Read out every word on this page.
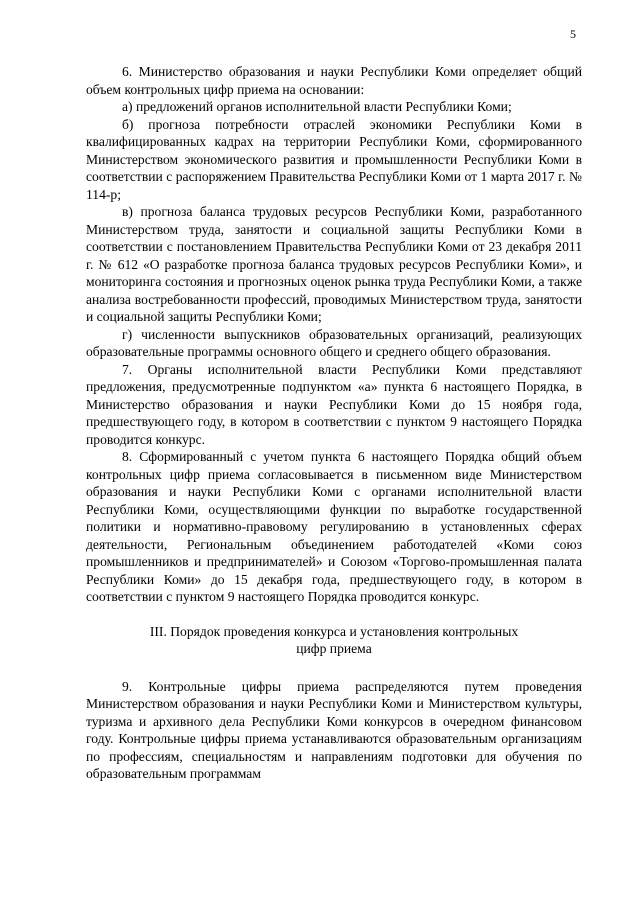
5

6. Министерство образования и науки Республики Коми определяет общий объем контрольных цифр приема на основании:

а) предложений органов исполнительной власти Республики Коми;

б) прогноза потребности отраслей экономики Республики Коми в квалифицированных кадрах на территории Республики Коми, сформированного Министерством экономического развития и промышленности Республики Коми в соответствии с распоряжением Правительства Республики Коми от 1 марта 2017 г. № 114-р;

в) прогноза баланса трудовых ресурсов Республики Коми, разработанного Министерством труда, занятости и социальной защиты Республики Коми в соответствии с постановлением Правительства Республики Коми от 23 декабря 2011 г. № 612 «О разработке прогноза баланса трудовых ресурсов Республики Коми», и мониторинга состояния и прогнозных оценок рынка труда Республики Коми, а также анализа востребованности профессий, проводимых Министерством труда, занятости и социальной защиты Республики Коми;

г) численности выпускников образовательных организаций, реализующих образовательные программы основного общего и среднего общего образования.

7. Органы исполнительной власти Республики Коми представляют предложения, предусмотренные подпунктом «а» пункта 6 настоящего Порядка, в Министерство образования и науки Республики Коми до 15 ноября года, предшествующего году, в котором в соответствии с пунктом 9 настоящего Порядка проводится конкурс.

8. Сформированный с учетом пункта 6 настоящего Порядка общий объем контрольных цифр приема согласовывается в письменном виде Министерством образования и науки Республики Коми с органами исполнительной власти Республики Коми, осуществляющими функции по выработке государственной политики и нормативно-правовому регулированию в установленных сферах деятельности, Региональным объединением работодателей «Коми союз промышленников и предпринимателей» и Союзом «Торгово-промышленная палата Республики Коми» до 15 декабря года, предшествующего году, в котором в соответствии с пунктом 9 настоящего Порядка проводится конкурс.

III. Порядок проведения конкурса и установления контрольных
цифр приема

9. Контрольные цифры приема распределяются путем проведения Министерством образования и науки Республики Коми и Министерством культуры, туризма и архивного дела Республики Коми конкурсов в очередном финансовом году. Контрольные цифры приема устанавливаются образовательным организациям по профессиям, специальностям и направлениям подготовки для обучения по образовательным программам
